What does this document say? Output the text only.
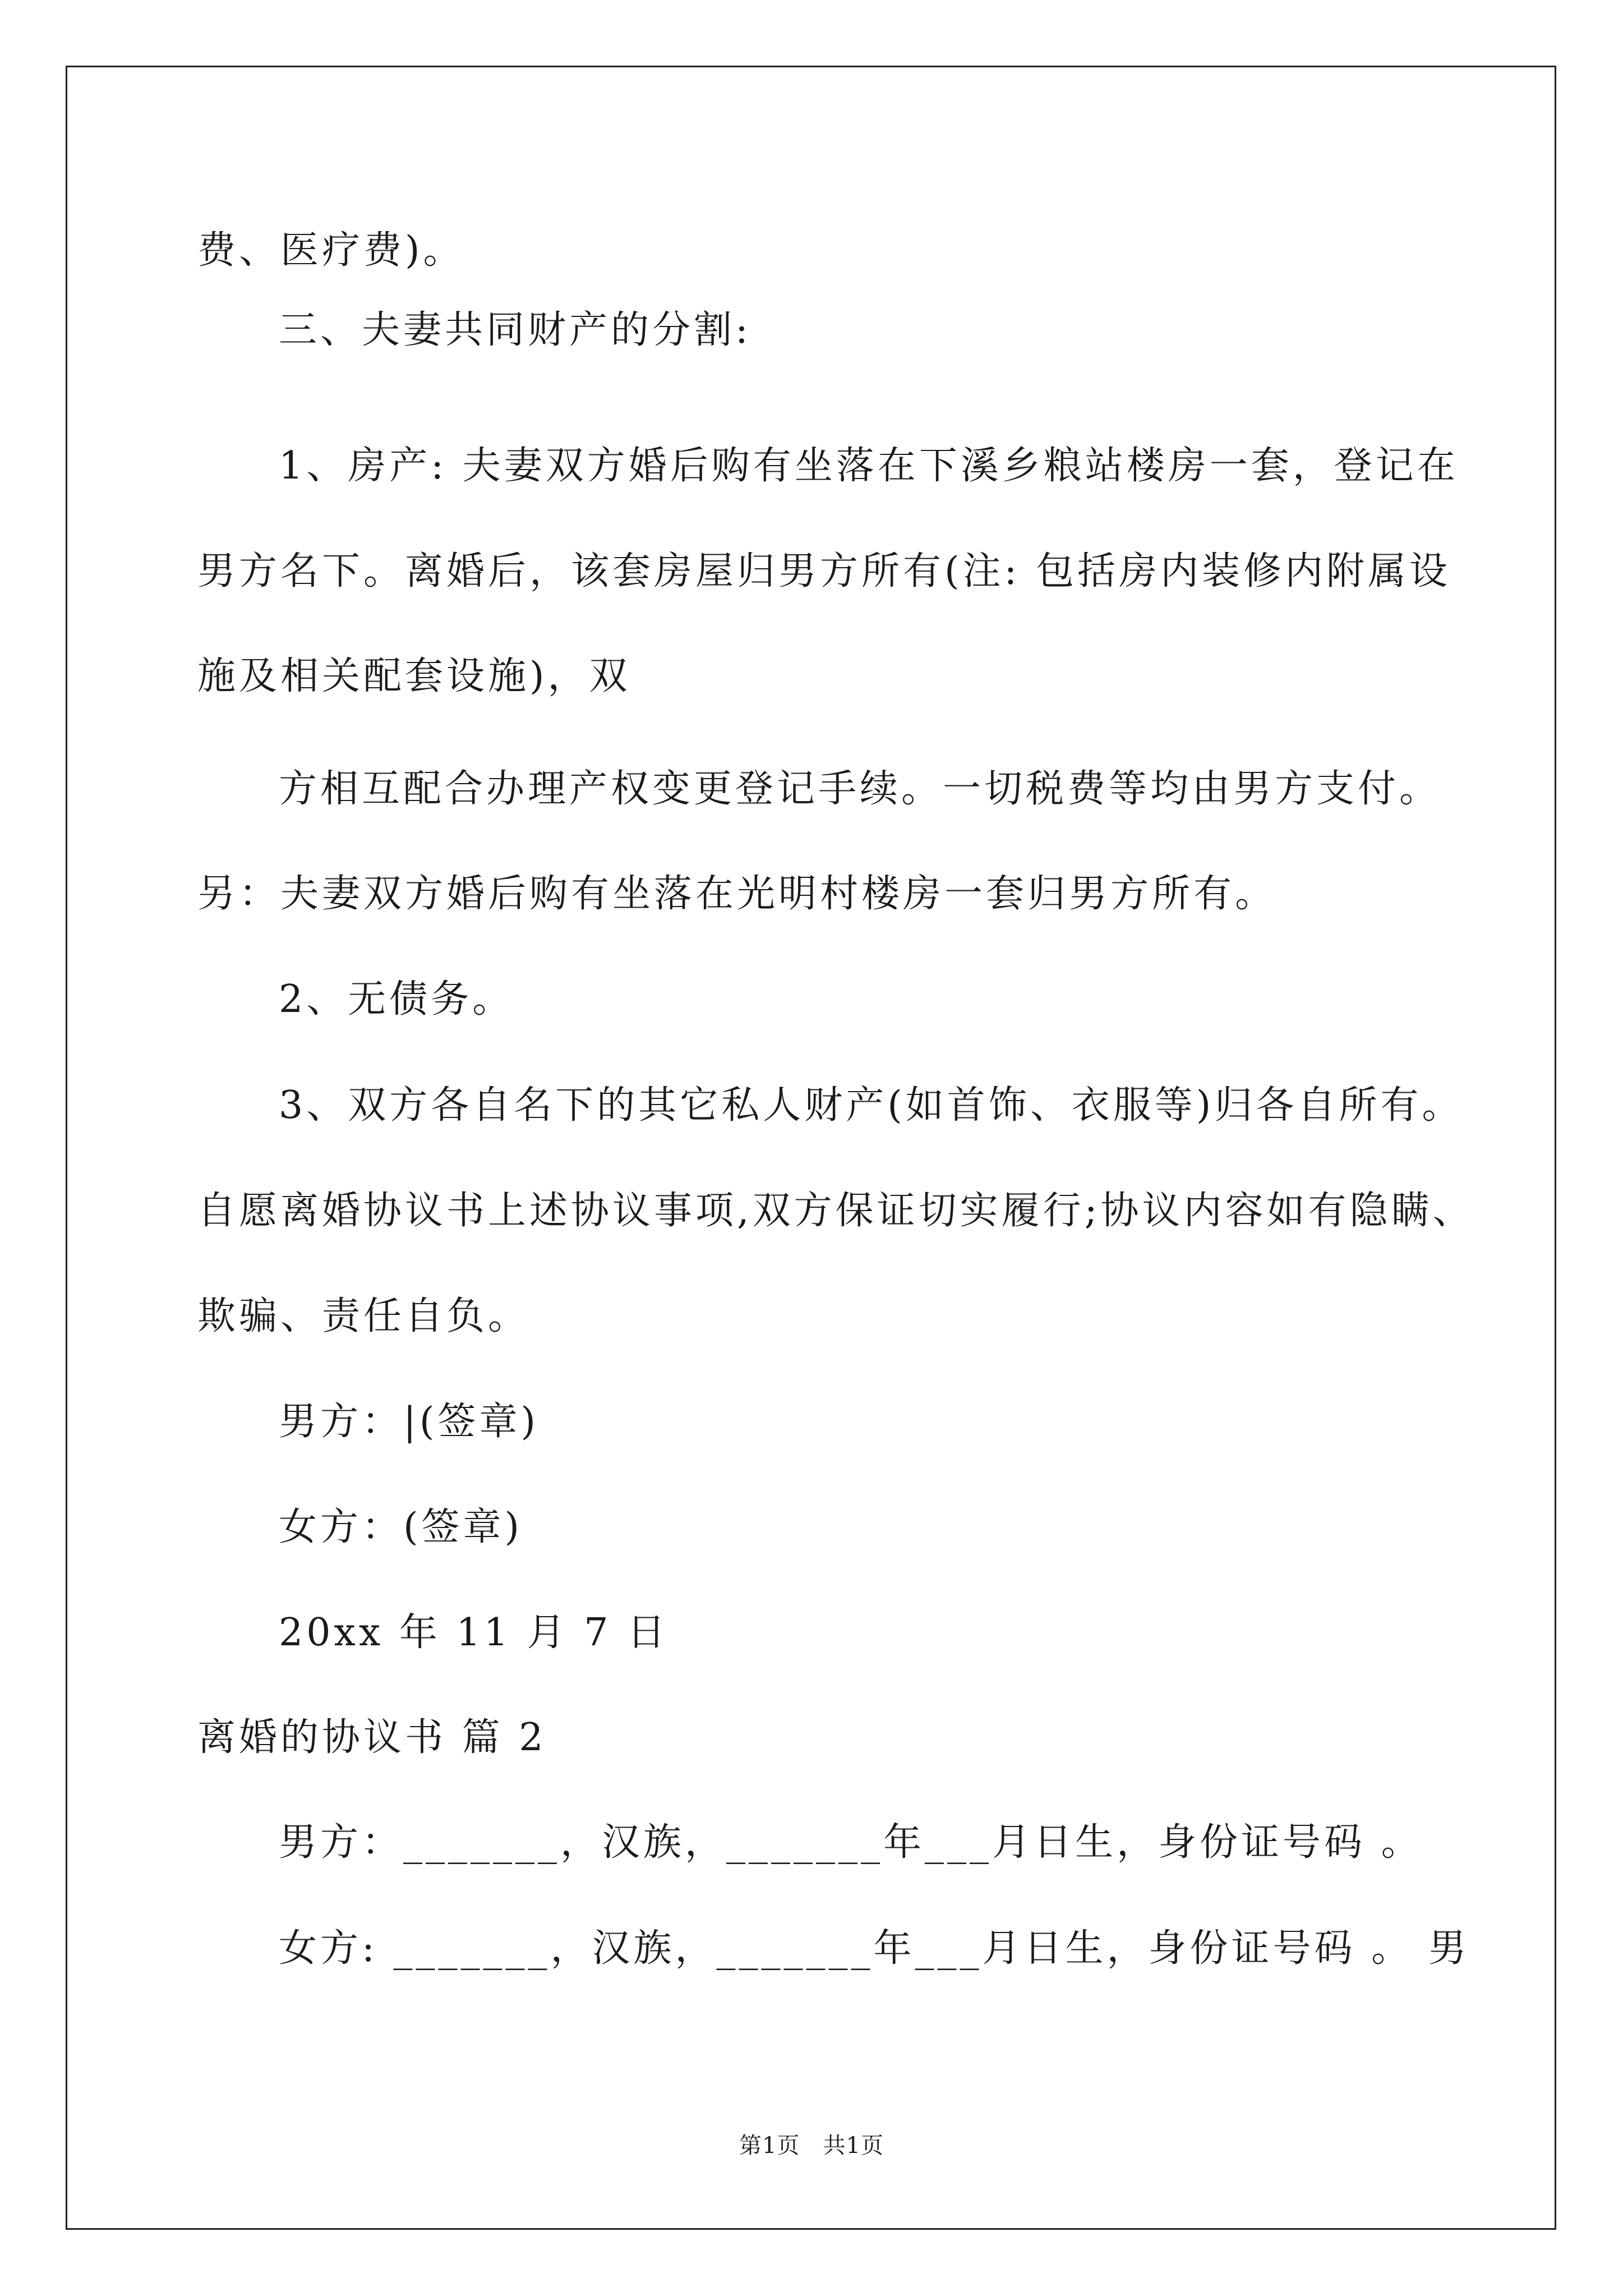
费、医疗费)。
三、夫妻共同财产的分割:
1、房产: 夫妻双方婚后购有坐落在下溪乡粮站楼房一套，登记在
男方名下。离婚后，该套房屋归男方所有(注: 包括房内装修内附属设
施及相关配套设施)，双
方相互配合办理产权变更登记手续。一切税费等均由男方支付。
另：夫妻双方婚后购有坐落在光明村楼房一套归男方所有。
2、无债务。
3、双方各自名下的其它私人财产(如首饰、衣服等)归各自所有。
自愿离婚协议书上述协议事项,双方保证切实履行;协议内容如有隐瞒、
欺骗、责任自负。
男方：|(签章)
女方：(签章)
20xx 年 11 月 7 日
离婚的协议书 篇 2
男方：_______，汉族，_______年___月日生，身份证号码 。
女方: _______，汉族，_______年___月日生，身份证号码 。 男
第1页   共1页
